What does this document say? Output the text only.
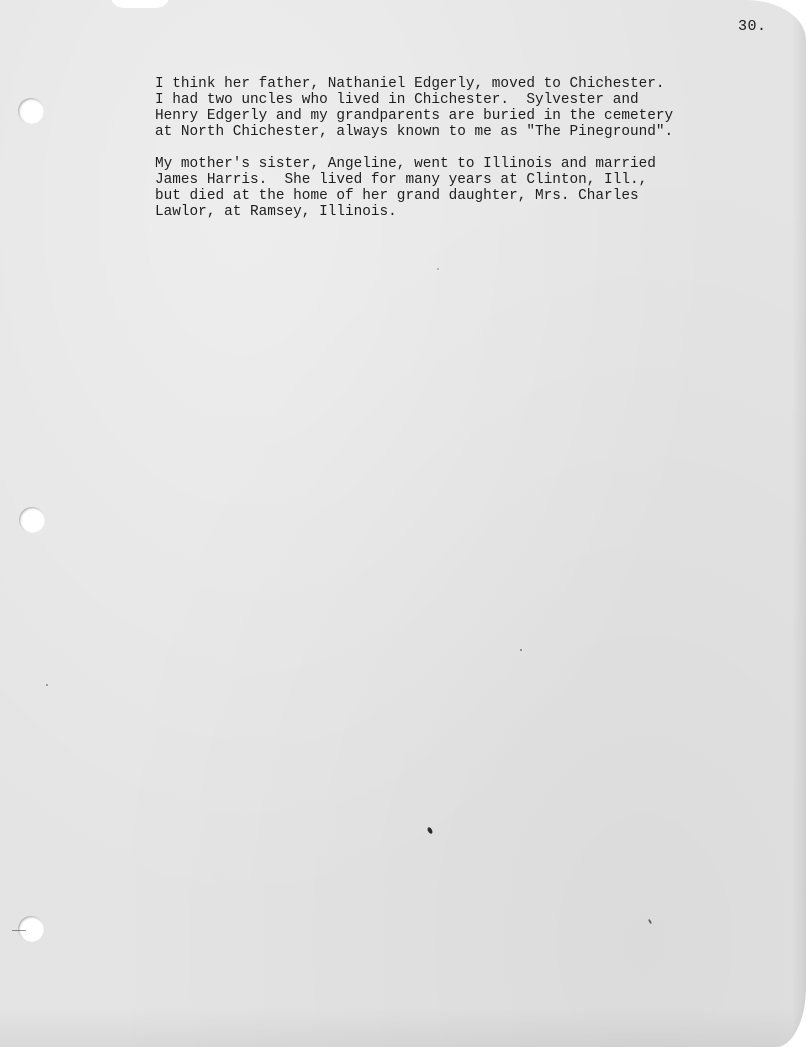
30.
I think her father, Nathaniel Edgerly, moved to Chichester.
I had two uncles who lived in Chichester.  Sylvester and
Henry Edgerly and my grandparents are buried in the cemetery
at North Chichester, always known to me as "The Pineground".
My mother's sister, Angeline, went to Illinois and married
James Harris.  She lived for many years at Clinton, Ill.,
but died at the home of her grand daughter, Mrs. Charles
Lawlor, at Ramsey, Illinois.
